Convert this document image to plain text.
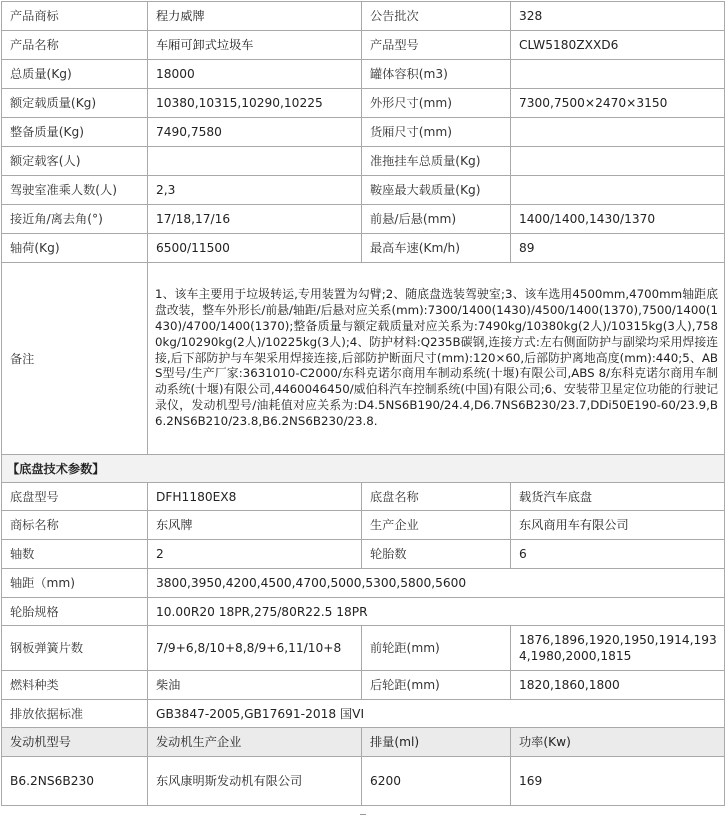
产品商标	程力威牌	公告批次	328
产品名称	车厢可卸式垃圾车	产品型号	CLW5180ZXXD6
总质量(Kg)	18000	罐体容积(m3)	
额定载质量(Kg)	10380,10315,10290,10225	外形尺寸(mm)	7300,7500×2470×3150
整备质量(Kg)	7490,7580	货厢尺寸(mm)	
额定载客(人)		准拖挂车总质量(Kg)	
驾驶室准乘人数(人)	2,3	鞍座最大载质量(Kg)	
接近角/离去角(°)	17/18,17/16	前悬/后悬(mm)	1400/1400,1430/1370
轴荷(Kg)	6500/11500	最高车速(Km/h)	89
备注	1、该车主要用于垃圾转运,专用装置为勾臂;2、随底盘选装驾驶室;3、该车选用4500mm,4700mm轴距底盘改装，整车外形长/前悬/轴距/后悬对应关系(mm):7300/1400(1430)/4500/1400(1370),7500/1400(1430)/4700/1400(1370);整备质量与额定载质量对应关系为:7490kg/10380kg(2人)/10315kg(3人),7580kg/10290kg(2人)/10225kg(3人);4、防护材料:Q235B碳钢,连接方式:左右侧面防护与副梁均采用焊接连接,后下部防护与车架采用焊接连接,后部防护断面尺寸(mm):120×60,后部防护离地高度(mm):440;5、ABS型号/生产厂家:3631010-C2000/东科克诺尔商用车制动系统(十堰)有限公司,ABS 8/东科克诺尔商用车制动系统(十堰)有限公司,4460046450/威伯科汽车控制系统(中国)有限公司;6、安装带卫星定位功能的行驶记录仪，发动机型号/油耗值对应关系为:D4.5NS6B190/24.4,D6.7NS6B230/23.7,DDi50E190-60/23.9,B6.2NS6B210/23.8,B6.2NS6B230/23.8.		
【底盘技术参数】			
底盘型号	DFH1180EX8	底盘名称	载货汽车底盘
商标名称	东风牌	生产企业	东风商用车有限公司
轴数	2	轮胎数	6
轴距（mm)	3800,3950,4200,4500,4700,5000,5300,5800,5600		
轮胎规格	10.00R20 18PR,275/80R22.5 18PR		
钢板弹簧片数	7/9+6,8/10+8,8/9+6,11/10+8	前轮距(mm)	1876,1896,1920,1950,1914,1934,1980,2000,1815
燃料种类	柴油	后轮距(mm)	1820,1860,1800
排放依据标准	GB3847-2005,GB17691-2018 国VI		
发动机型号	发动机生产企业	排量(ml)	功率(Kw)
B6.2NS6B230	东风康明斯发动机有限公司	6200	169
